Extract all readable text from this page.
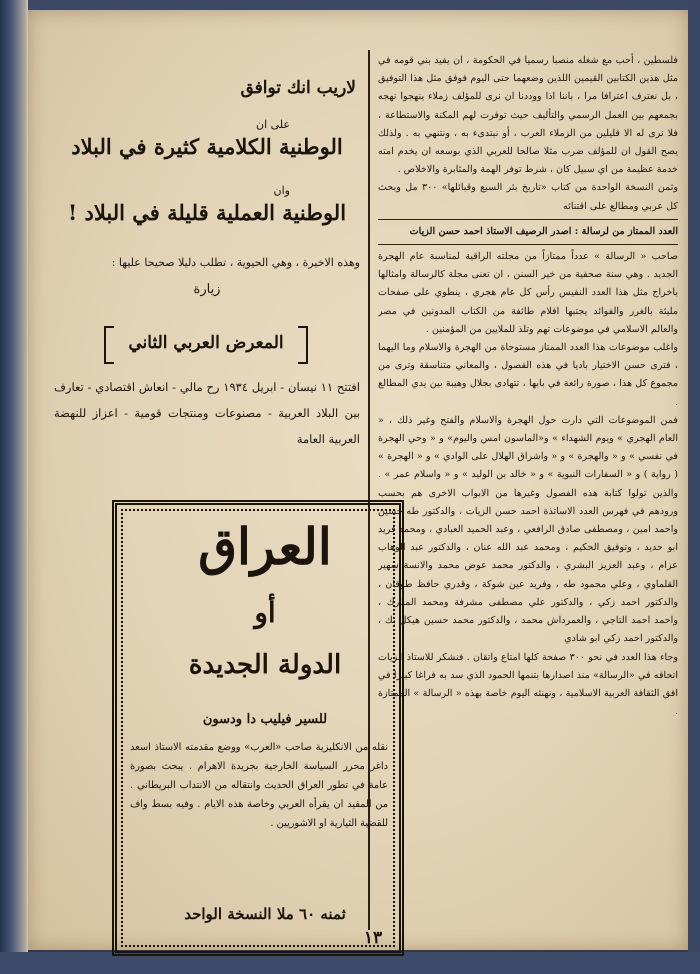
فلسطين ، أحب مع شغله منصبا رسميا في الحكومة ، ان يفيد بني قومه في مثل هذين الكتابين القيمين اللذين وضعهما حتى اليوم فوفق مثل هذا التوفيق ، بل نعترف اعترافا مرا ، باننا اذا ووددنا ان نرى للمؤلف زملاء ينهجوا نهجه بجمعهم بين العمل الرسمي والتأليف حيث توفرت لهم المكنة والاستطاعة ، فلا نرى له الا قليلين من الزملاء العرب ، أو نبتدىء به ، ونتنهي به . ولذلك يصح القول ان للمؤلف ضرب مثلا صالحا للعربي الذي بوسعه ان يخدم امته خدمة عظيمة من اي سبيل كان ، شرط توفر الهمة والمثابرة والاخلاص .

وثمن النسخة الواحدة من كتاب «تاريخ بئر السبع وقبائلها» ٣٠٠ مل وبحث كل عربي ومطالع على اقتنائه

العدد الممتاز من لرسالة : اصدر الرصيف الاستاذ احمد حسن الزيات

صاحب « الرسالة » عدداً ممتازاً من مجلته الراقية لمناسبة عام الهجرة الجديد . وهي سنة صحفية من خير السنن ، ان تعنى مجلة كالرسالة وامثالها باخراج مثل هذا العدد النفيس رأس كل عام هجري ، ينطوي على صفحات مليئة بالغرر والفوائد يجتبها افلام طائفة من الكتاب المدونين في مصر والعالم الاسلامي في موضوعات تهم وتلذ للملايين من المؤمنين .

واغلب موضوعات هذا العدد الممتاز مستوحاة من الهجرة والاسلام وما اليهما ، فترى حسن الاختيار باديا في هذه الفصول ، والمعاني متناسقة وترى من مجموع كل هذا ، صورة رائعة في بابها ، تتهادى بجلال وهيبة بين يدي المطالع .

فمن الموضوعات التي دارت حول الهجرة والاسلام والفتح وغير ذلك ، « العام الهجري » ويوم الشهداء » و«الماسون امس واليوم» و « وحي الهجرة في نفسي » و « والهجرة » و « واشراق الهلال على الوادي » و « الهجرة » ( رواية ) و « السفارات النبوية » و « خالد بن الوليد » و « واسلام عمر » . والذين تولوا كتابة هذه الفصول وغيرها من الابواب الاخرى هم بحسب ورودهم في فهرس العدد الاساتذة احمد حسن الزيات ، والدكتور طه حسين واحمد امين ، ومصطفى صادق الرافعي ، وعبد الحميد العبادي ، ومحمد فريد ابو حديد ، وتوفيق الحكيم ، ومحمد عبد الله عنان ، والدكتور عبد الوهاب عزام ، وعبد العزيز البشري ، والدكتور محمد عوض محمد والانسة سهير القلماوي ، وعلي محمود طه ، وفريد عين شوكة ، وقدري حافظ طوقان ، والدكتور احمد زكي ، والدكتور علي مصطفى مشرفة ومحمد المبارك ، واحمد احمد التاجي ، والعمرداش محمد ، والدكتور محمد حسين هيكل بك ، والدكتور احمد زكي ابو شادي

وجاء هذا العدد في نحو ٣٠٠ صفحة كلها امتاع واتقان . فنشكر للاستاذ الزيات اتحافه في «الرسالة» منذ اصدارها بتنمها الحمود الذي سد به فراغا كبيرا في افق الثقافة العربية الاسلامية ، ونهنئه اليوم خاصة بهذه « الرسالة » الممتازة .

لاريب انك توافق
على ان
الوطنية الكلامية كثيرة في البلاد
وان
الوطنية العملية قليلة في البلاد !
وهذه الاخيرة ، وهي الحيوية ، تطلب دليلا صحيحا عليها :
زيارة
المعرض العربي الثاني
افتتح ١١ نيسان - ابريل ١٩٣٤ رح مالي - انعاش اقتصادي - تعارف بين البلاد العربية - مصنوعات ومنتجات قومية - اعزاز للنهضة العربية العامة
العراق
أو
الدولة الجديدة
للسير فيليب دا ودسون
نقله من الانكليزية صاحب «العرب» ووضع مقدمته الاستاذ اسعد داغر محرر السياسة الخارجية بجريدة الاهرام . يبحث بصورة عامة في تطور العراق الحديث وانتقاله من الانتداب البريطاني . من المفيد ان يقرأه العربي وخاصة هذه الايام . وفيه بسط واف للقضية الثيارية او الاشوريين .
ثمنه ٦٠ ملا النسخة الواحد
١٣
